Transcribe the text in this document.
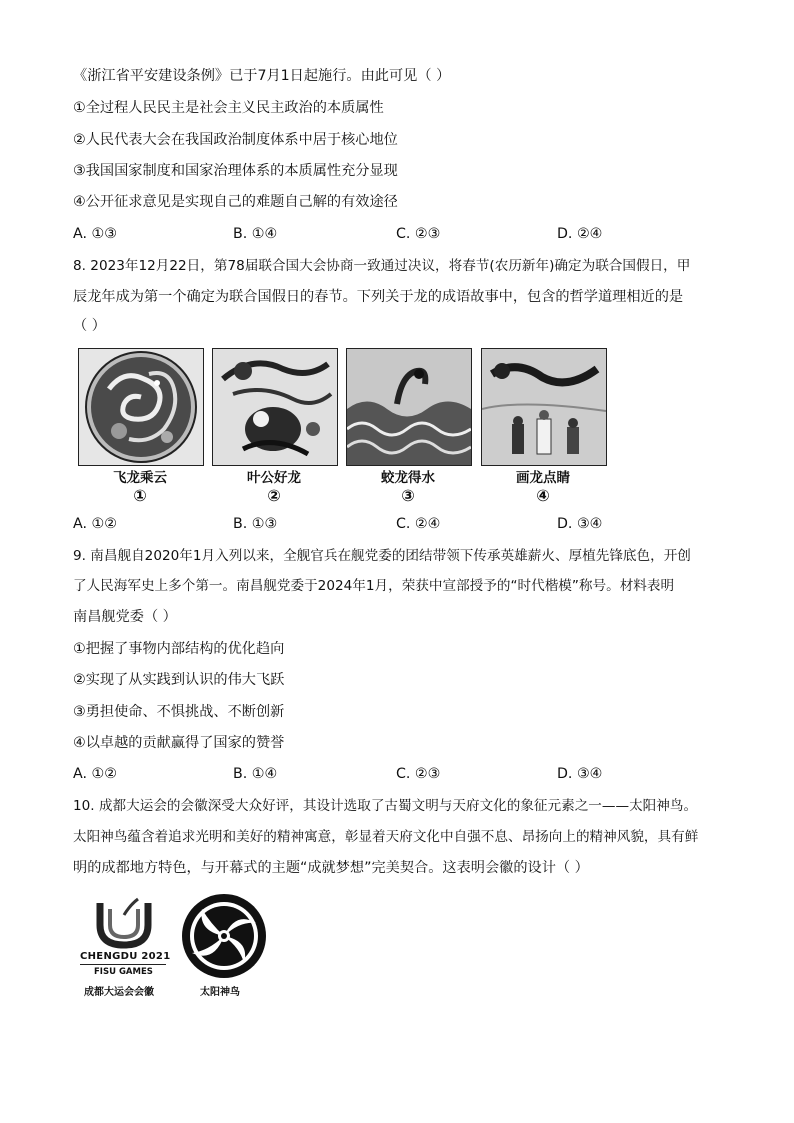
《浙江省平安建设条例》已于7月1日起施行。由此可见（ ）
①全过程人民民主是社会主义民主政治的本质属性
②人民代表大会在我国政治制度体系中居于核心地位
③我国国家制度和国家治理体系的本质属性充分显现
④公开征求意见是实现自己的难题自己解的有效途径
A. ①③	B. ①④	C. ②③	D. ②④
8. 2023年12月22日，第78届联合国大会协商一致通过决议，将春节(农历新年)确定为联合国假日，甲
辰龙年成为第一个确定为联合国假日的春节。下列关于龙的成语故事中，包含的哲学道理相近的是
（ ）
飞龙乘云	叶公好龙	蛟龙得水	画龙点睛
①	②	③	④
A. ①②	B. ①③	C. ②④	D. ③④
9. 南昌舰自2020年1月入列以来，全舰官兵在舰党委的团结带领下传承英雄薪火、厚植先锋底色，开创
了人民海军史上多个第一。南昌舰党委于2024年1月，荣获中宣部授予的“时代楷模”称号。材料表明
南昌舰党委（ ）
①把握了事物内部结构的优化趋向
②实现了从实践到认识的伟大飞跃
③勇担使命、不惧挑战、不断创新
④以卓越的贡献赢得了国家的赞誉
A. ①②	B. ①④	C. ②③	D. ③④
10. 成都大运会的会徽深受大众好评，其设计选取了古蜀文明与天府文化的象征元素之一——太阳神鸟。
太阳神鸟蕴含着追求光明和美好的精神寓意，彰显着天府文化中自强不息、昂扬向上的精神风貌，具有鲜
明的成都地方特色，与开幕式的主题“成就梦想”完美契合。这表明会徽的设计（ ）
CHENGDU 2021
FISU GAMES
成都大运会会徽	太阳神鸟
